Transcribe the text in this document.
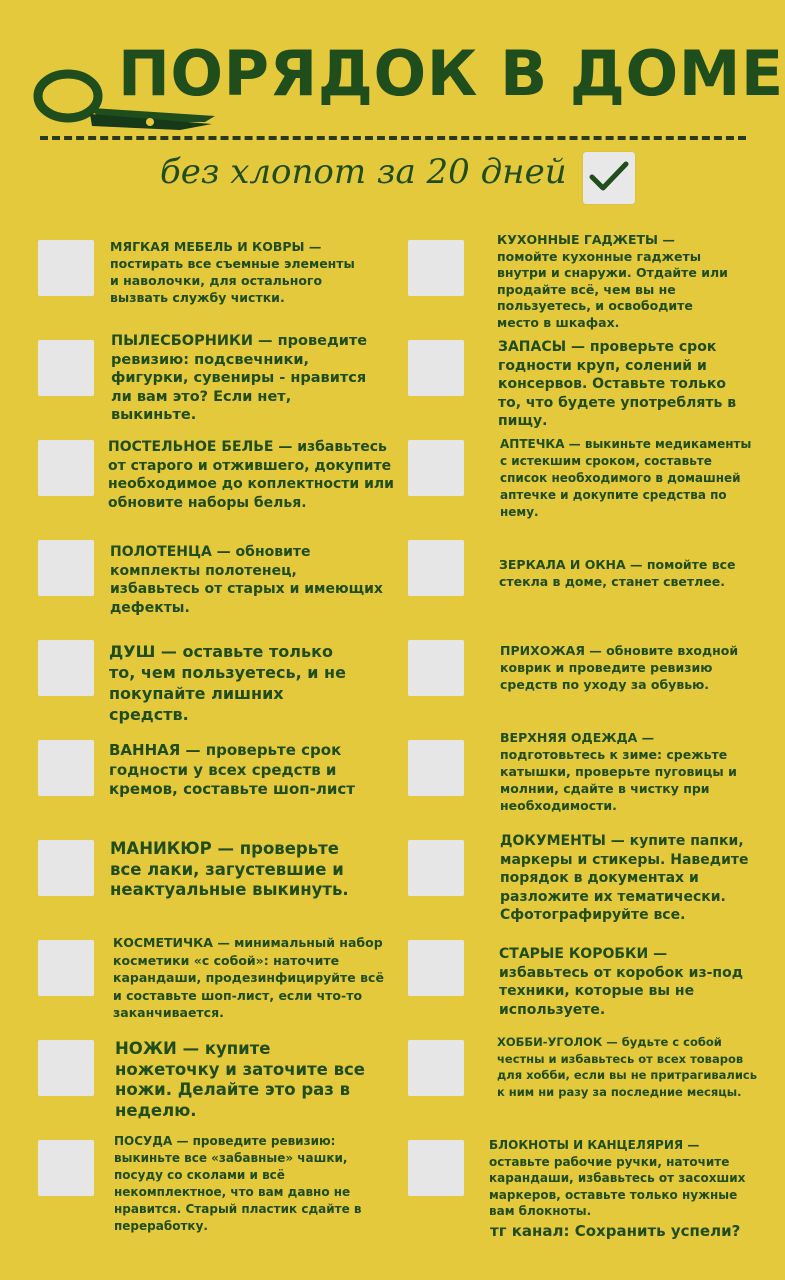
ПОРЯДОК В ДОМЕ
без хлопот за 20 дней
МЯГКАЯ МЕБЕЛЬ И КОВРЫ — постирать все съемные элементы и наволочки, для остального вызвать службу чистки.
ПЫЛЕСБОРНИКИ — проведите ревизию: подсвечники, фигурки, сувениры - нравится ли вам это? Если нет, выкиньте.
ПОСТЕЛЬНОЕ БЕЛЬЕ — избавьтесь от старого и отжившего, докупите необходимое до коплектности или обновите наборы белья.
ПОЛОТЕНЦА — обновите комплекты полотенец, избавьтесь от старых и имеющих дефекты.
ДУШ — оставьте только то, чем пользуетесь, и не покупайте лишних средств.
ВАННАЯ — проверьте срок годности у всех средств и кремов, составьте шоп-лист
МАНИКЮР — проверьте все лаки, загустевшие и неактуальные выкинуть.
КОСМЕТИЧКА — минимальный набор косметики «с собой»: наточите карандаши, продезинфицируйте всё и составьте шоп-лист, если что-то заканчивается.
НОЖИ — купите ножеточку и заточите все ножи. Делайте это раз в неделю.
ПОСУДА — проведите ревизию: выкиньте все «забавные» чашки, посуду со сколами и всё некомплектное, что вам давно не нравится. Старый пластик сдайте в переработку.
КУХОННЫЕ ГАДЖЕТЫ — помойте кухонные гаджеты внутри и снаружи. Отдайте или продайте всё, чем вы не пользуетесь, и освободите место в шкафах.
ЗАПАСЫ — проверьте срок годности круп, солений и консервов. Оставьте только то, что будете употреблять в пищу.
АПТЕЧКА — выкиньте медикаменты с истекшим сроком, составьте список необходимого в домашней аптечке и докупите средства по нему.
ЗЕРКАЛА И ОКНА — помойте все стекла в доме, станет светлее.
ПРИХОЖАЯ — обновите входной коврик и проведите ревизию средств по уходу за обувью.
ВЕРХНЯЯ ОДЕЖДА — подготовьтесь к зиме: срежьте катышки, проверьте пуговицы и молнии, сдайте в чистку при необходимости.
ДОКУМЕНТЫ — купите папки, маркеры и стикеры. Наведите порядок в документах и разложите их тематически. Сфотографируйте все.
СТАРЫЕ КОРОБКИ — избавьтесь от коробок из-под техники, которые вы не используете.
ХОББИ-УГОЛОК — будьте с собой честны и избавьтесь от всех товаров для хобби, если вы не притрагивались к ним ни разу за последние месяцы.
БЛОКНОТЫ И КАНЦЕЛЯРИЯ — оставьте рабочие ручки, наточите карандаши, избавьтесь от засохших маркеров, оставьте только нужные вам блокноты.
тг канал: Сохранить успели?
